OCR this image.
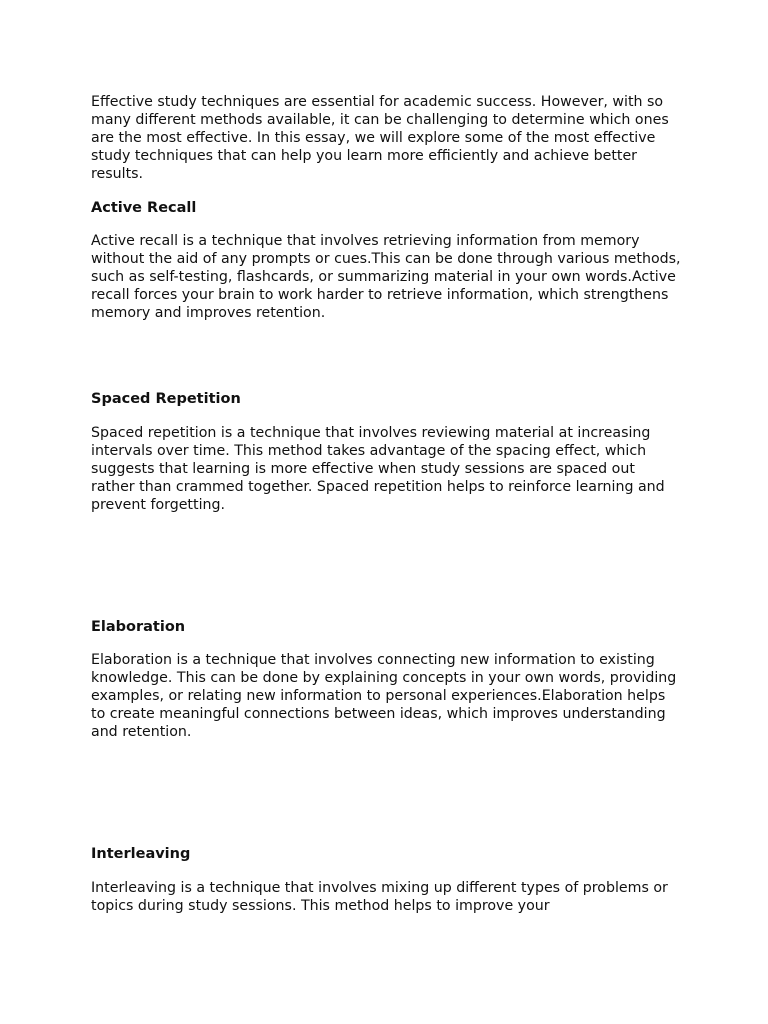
Effective study techniques are essential for academic success. However, with so many different methods available, it can be challenging to determine which ones are the most effective. In this essay, we will explore some of the most effective study techniques that can help you learn more efficiently and achieve better results.

Active Recall

Active recall is a technique that involves retrieving information from memory without the aid of any prompts or cues.This can be done through various methods, such as self-testing, flashcards, or summarizing material in your own words.Active recall forces your brain to work harder to retrieve information, which strengthens memory and improves retention.

Spaced Repetition

Spaced repetition is a technique that involves reviewing material at increasing intervals over time. This method takes advantage of the spacing effect, which suggests that learning is more effective when study sessions are spaced out rather than crammed together. Spaced repetition helps to reinforce learning and prevent forgetting.

Elaboration

Elaboration is a technique that involves connecting new information to existing knowledge. This can be done by explaining concepts in your own words, providing examples, or relating new information to personal experiences.Elaboration helps to create meaningful connections between ideas, which improves understanding and retention.

Interleaving

Interleaving is a technique that involves mixing up different types of problems or topics during study sessions. This method helps to improve your
